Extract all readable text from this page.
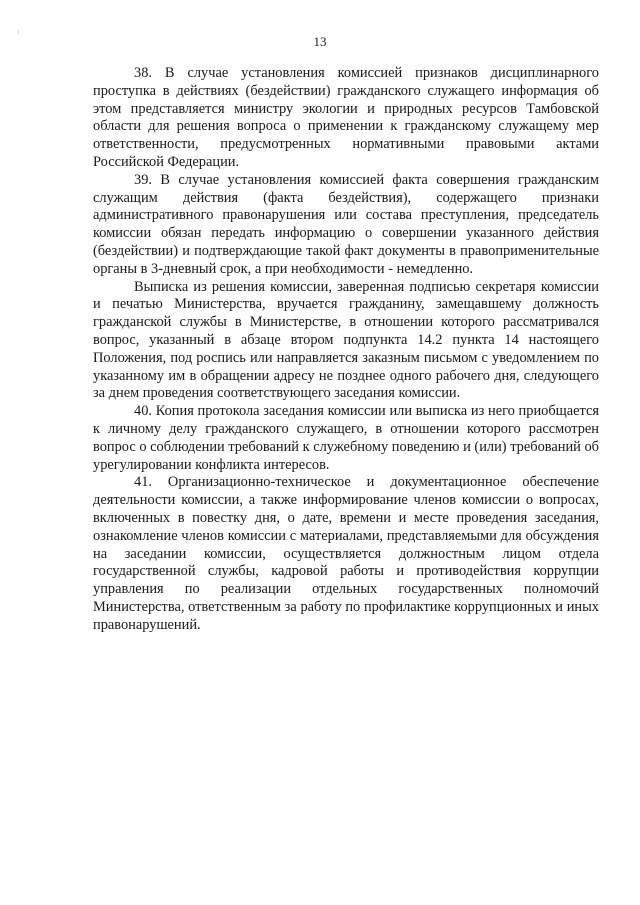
13

38. В случае установления комиссией признаков дисциплинарного проступка в действиях (бездействии) гражданского служащего информация об этом представляется министру экологии и природных ресурсов Тамбовской области для решения вопроса о применении к гражданскому служащему мер ответственности, предусмотренных нормативными правовыми актами Российской Федерации.

39. В случае установления комиссией факта совершения гражданским служащим действия (факта бездействия), содержащего признаки административного правонарушения или состава преступления, председатель комиссии обязан передать информацию о совершении указанного действия (бездействии) и подтверждающие такой факт документы в правоприменительные органы в 3-дневный срок, а при необходимости - немедленно.

Выписка из решения комиссии, заверенная подписью секретаря комиссии и печатью Министерства, вручается гражданину, замещавшему должность гражданской службы в Министерстве, в отношении которого рассматривался вопрос, указанный в абзаце втором подпункта 14.2 пункта 14 настоящего Положения, под роспись или направляется заказным письмом с уведомлением по указанному им в обращении адресу не позднее одного рабочего дня, следующего за днем проведения соответствующего заседания комиссии.

40. Копия протокола заседания комиссии или выписка из него приобщается к личному делу гражданского служащего, в отношении которого рассмотрен вопрос о соблюдении требований к служебному поведению и (или) требований об урегулировании конфликта интересов.

41. Организационно-техническое и документационное обеспечение деятельности комиссии, а также информирование членов комиссии о вопросах, включенных в повестку дня, о дате, времени и месте проведения заседания, ознакомление членов комиссии с материалами, представляемыми для обсуждения на заседании комиссии, осуществляется должностным лицом отдела государственной службы, кадровой работы и противодействия коррупции управления по реализации отдельных государственных полномочий Министерства, ответственным за работу по профилактике коррупционных и иных правонарушений.
